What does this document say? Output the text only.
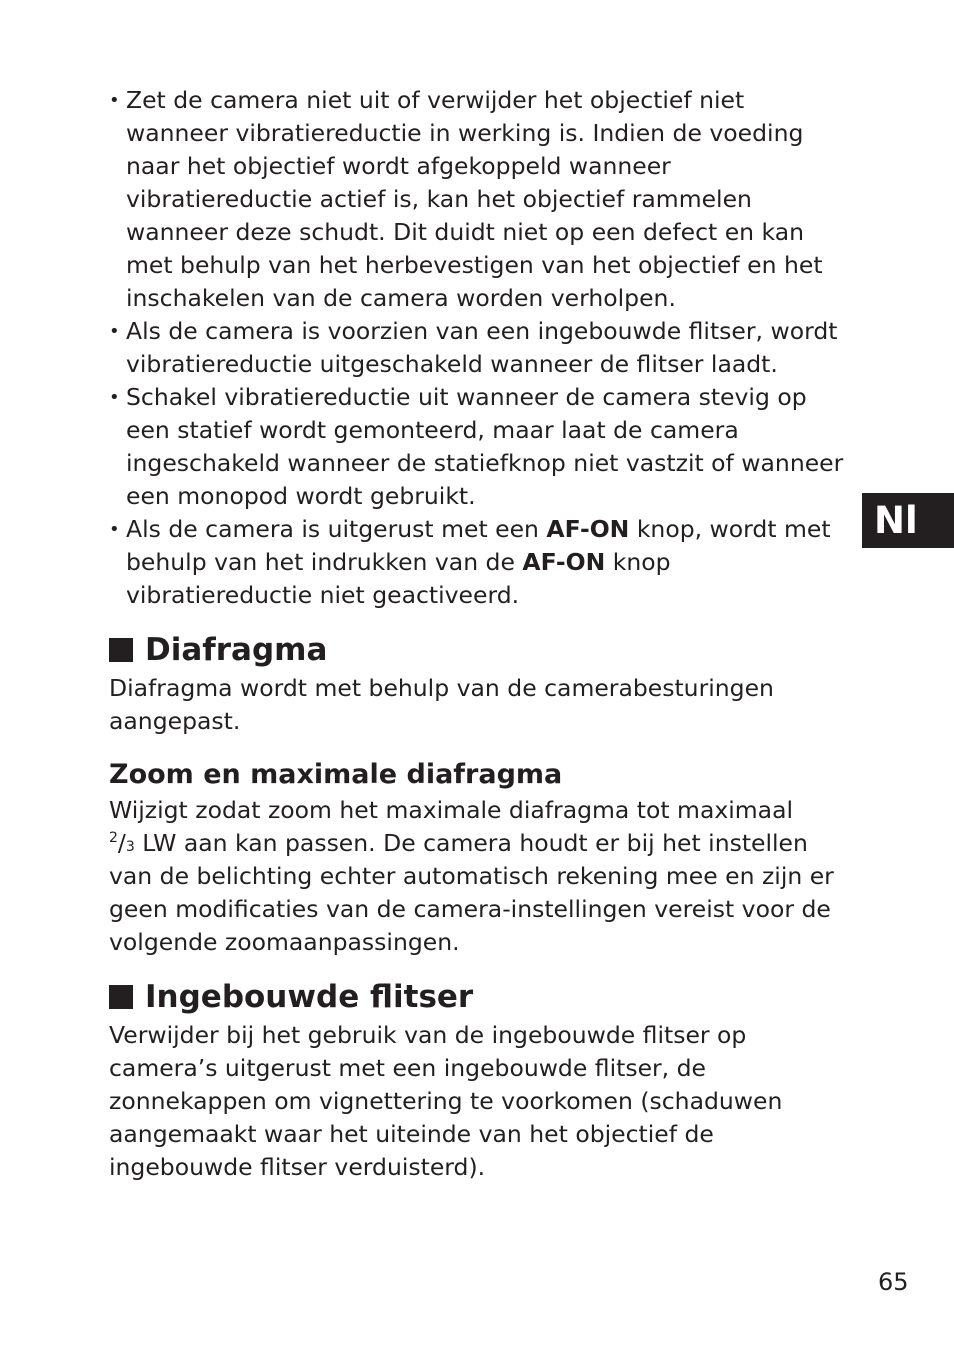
• Zet de camera niet uit of verwijder het objectief niet wanneer vibratiereductie in werking is. Indien de voeding naar het objectief wordt afgekoppeld wanneer vibratiereductie actief is, kan het objectief rammelen wanneer deze schudt. Dit duidt niet op een defect en kan met behulp van het herbevestigen van het objectief en het inschakelen van de camera worden verholpen.
• Als de camera is voorzien van een ingebouwde flitser, wordt vibratiereductie uitgeschakeld wanneer de flitser laadt.
• Schakel vibratiereductie uit wanneer de camera stevig op een statief wordt gemonteerd, maar laat de camera ingeschakeld wanneer de statiefknop niet vastzit of wanneer een monopod wordt gebruikt.
• Als de camera is uitgerust met een AF-ON knop, wordt met behulp van het indrukken van de AF-ON knop vibratiereductie niet geactiveerd.
Diafragma

Diafragma wordt met behulp van de camerabesturingen aangepast.

Zoom en maximale diafragma

Wijzigt zodat zoom het maximale diafragma tot maximaal
$^2$/3 LW aan kan passen. De camera houdt er bij het instellen van de belichting echter automatisch rekening mee en zijn er geen modificaties van de camera-instellingen vereist voor de volgende zoomaanpassingen.

Ingebouwde flitser

Verwijder bij het gebruik van de ingebouwde flitser op camera’s uitgerust met een ingebouwde flitser, de zonnekappen om vignettering te voorkomen (schaduwen aangemaakt waar het uiteinde van het objectief de ingebouwde flitser verduisterd).

Nl
65
